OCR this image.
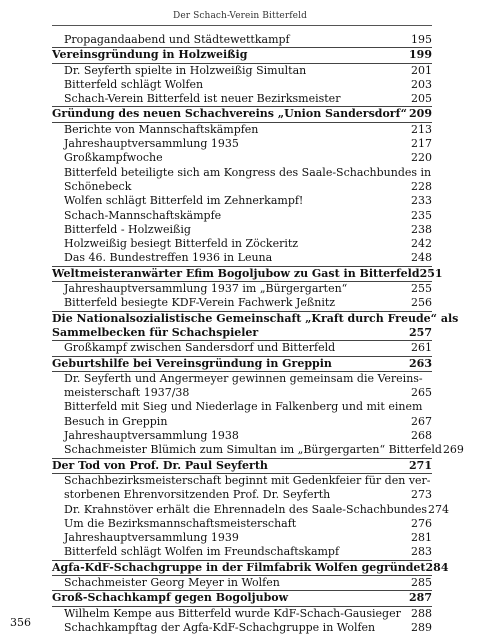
Der Schach-Verein Bitterfeld
Propagandaabend und Städtewettkampf	195
Vereinsgründung in Holzweißig	199
Dr. Seyferth spielte in Holzweißig Simultan	201
Bitterfeld schlägt Wolfen	203
Schach-Verein Bitterfeld ist neuer Bezirksmeister	205
Gründung des neuen Schachvereins „Union Sandersdorf“ 209
Berichte von Mannschaftskämpfen	213
Jahreshauptversammlung 1935	217
Großkampfwoche	220
Bitterfeld beteiligte sich am Kongress des Saale-Schachbundes in
Schönebeck	228
Wolfen schlägt Bitterfeld im Zehnerkampf!	233
Schach-Mannschaftskämpfe	235
Bitterfeld - Holzweißig	238
Holzweißig besiegt Bitterfeld in Zöckeritz	242
Das 46. Bundestreffen 1936 in Leuna	248
Weltmeisteranwärter Efim Bogoljubow zu Gast in Bitterfeld 251
Jahreshauptversammlung 1937 im „Bürgergarten“	255
Bitterfeld besiegte KDF-Verein Fachwerk Jeßnitz	256
Die Nationalsozialistische Gemeinschaft „Kraft durch Freude“ als
Sammelbecken für Schachspieler	257
Großkampf zwischen Sandersdorf und Bitterfeld	261
Geburtshilfe bei Vereinsgründung in Greppin	263
Dr. Seyferth und Angermeyer gewinnen gemeinsam die Vereins-
meisterschaft 1937/38	265
Bitterfeld mit Sieg und Niederlage in Falkenberg und mit einem
Besuch in Greppin	267
Jahreshauptversammlung 1938	268
Schachmeister Blümich zum Simultan im „Bürgergarten“ Bitterfeld 269
Der Tod von Prof. Dr. Paul Seyferth	271
Schachbezirksmeisterschaft beginnt mit Gedenkfeier für den ver-
storbenen Ehrenvorsitzenden Prof. Dr. Seyferth	273
Dr. Krahnstöver erhält die Ehrennadeln des Saale-Schachbundes 274
Um die Bezirksmannschaftsmeisterschaft	276
Jahreshauptversammlung 1939	281
Bitterfeld schlägt Wolfen im Freundschaftskampf	283
Agfa-KdF-Schachgruppe in der Filmfabrik Wolfen gegründet 284
Schachmeister Georg Meyer in Wolfen	285
Groß-Schachkampf gegen Bogoljubow	287
Wilhelm Kempe aus Bitterfeld wurde KdF-Schach-Gausieger 288
Schachkampftag der Agfa-KdF-Schachgruppe in Wolfen	289
356
